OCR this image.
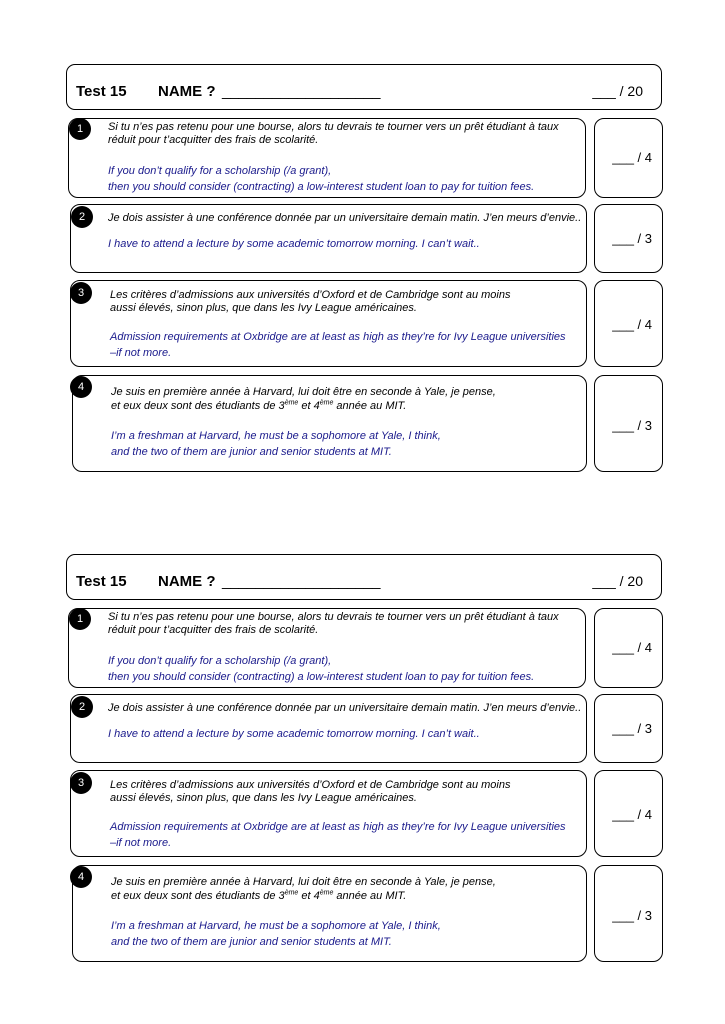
Test 15 NAME ? ___________________	___ / 20
___ / 4
1	Si tu n’es pas retenu pour une bourse, alors tu devrais te tourner vers un prêt étudiant à taux
réduit pour t’acquitter des frais de scolarité.
If you don’t qualify for a scholarship (/a grant),
then you should consider (contracting) a low-interest student loan to pay for tuition fees.
___ / 3
2	Je dois assister à une conférence donnée par un universitaire demain matin. J’en meurs d’envie..
I have to attend a lecture by some academic tomorrow morning. I can’t wait..
___ / 4
3	Les critères d’admissions aux universités d’Oxford et de Cambridge sont au moins
aussi élevés, sinon plus, que dans les Ivy League américaines.
Admission requirements at Oxbridge are at least as high as they’re for Ivy League universities
–if not more.
___ / 3
4	Je suis en première année à Harvard, lui doit être en seconde à Yale, je pense,
et eux deux sont des étudiants de 3ème et 4ème année au MIT.
I’m a freshman at Harvard, he must be a sophomore at Yale, I think,
and the two of them are junior and senior students at MIT.
Test 15 NAME ? ___________________	___ / 20
___ / 4
1	Si tu n’es pas retenu pour une bourse, alors tu devrais te tourner vers un prêt étudiant à taux
réduit pour t’acquitter des frais de scolarité.
If you don’t qualify for a scholarship (/a grant),
then you should consider (contracting) a low-interest student loan to pay for tuition fees.
___ / 3
2	Je dois assister à une conférence donnée par un universitaire demain matin. J’en meurs d’envie..
I have to attend a lecture by some academic tomorrow morning. I can’t wait..
___ / 4
3	Les critères d’admissions aux universités d’Oxford et de Cambridge sont au moins
aussi élevés, sinon plus, que dans les Ivy League américaines.
Admission requirements at Oxbridge are at least as high as they’re for Ivy League universities
–if not more.
___ / 3
4	Je suis en première année à Harvard, lui doit être en seconde à Yale, je pense,
et eux deux sont des étudiants de 3ème et 4ème année au MIT.
I’m a freshman at Harvard, he must be a sophomore at Yale, I think,
and the two of them are junior and senior students at MIT.
